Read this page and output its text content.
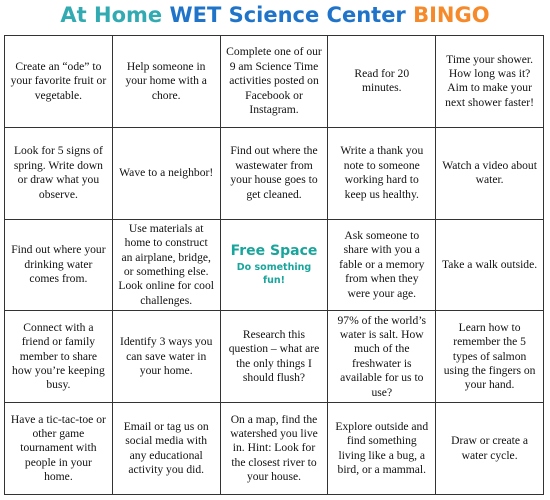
At Home WET Science Center BINGO
Create an “ode” to your favorite fruit or vegetable.
Help someone in your home with a chore.
Complete one of our 9 am Science Time activities posted on Facebook or Instagram.
Read for 20 minutes.
Time your shower. How long was it? Aim to make your next shower faster!
Look for 5 signs of spring. Write down or draw what you observe.
Wave to a neighbor!
Find out where the wastewater from your house goes to get cleaned.
Write a thank you note to someone working hard to keep us healthy.
Watch a video about water.
Find out where your drinking water comes from.
Use materials at home to construct an airplane, bridge, or something else. Look online for cool challenges.
Free Space
Do something fun!
Ask someone to share with you a fable or a memory from when they were your age.
Take a walk outside.
Connect with a friend or family member to share how you’re keeping busy.
Identify 3 ways you can save water in your home.
Research this question – what are the only things I should flush?
97% of the world’s water is salt. How much of the freshwater is available for us to use?
Learn how to remember the 5 types of salmon using the fingers on your hand.
Have a tic-tac-toe or other game tournament with people in your home.
Email or tag us on social media with any educational activity you did.
On a map, find the watershed you live in. Hint: Look for the closest river to your house.
Explore outside and find something living like a bug, a bird, or a mammal.
Draw or create a water cycle.
